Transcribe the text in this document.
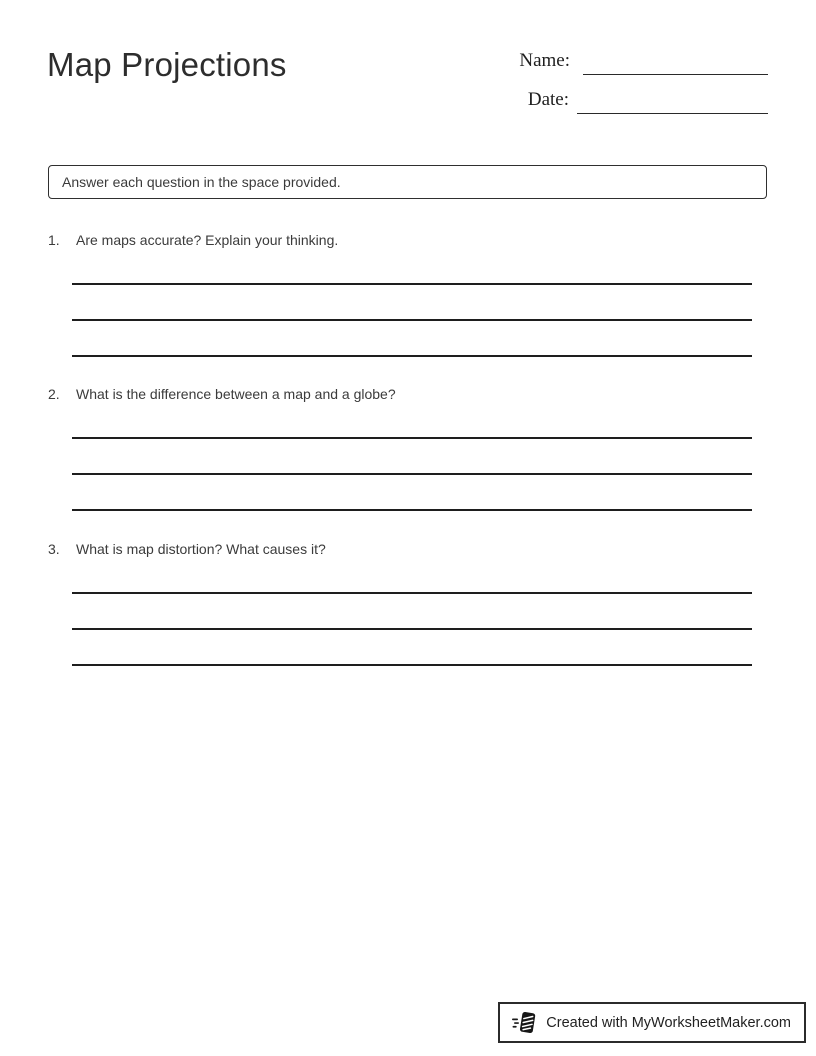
Map Projections	Name:
Date:
Answer each question in the space provided.
1.	Are maps accurate? Explain your thinking.
2.	What is the difference between a map and a globe?
3.	What is map distortion? What causes it?
Created with MyWorksheetMaker.com
